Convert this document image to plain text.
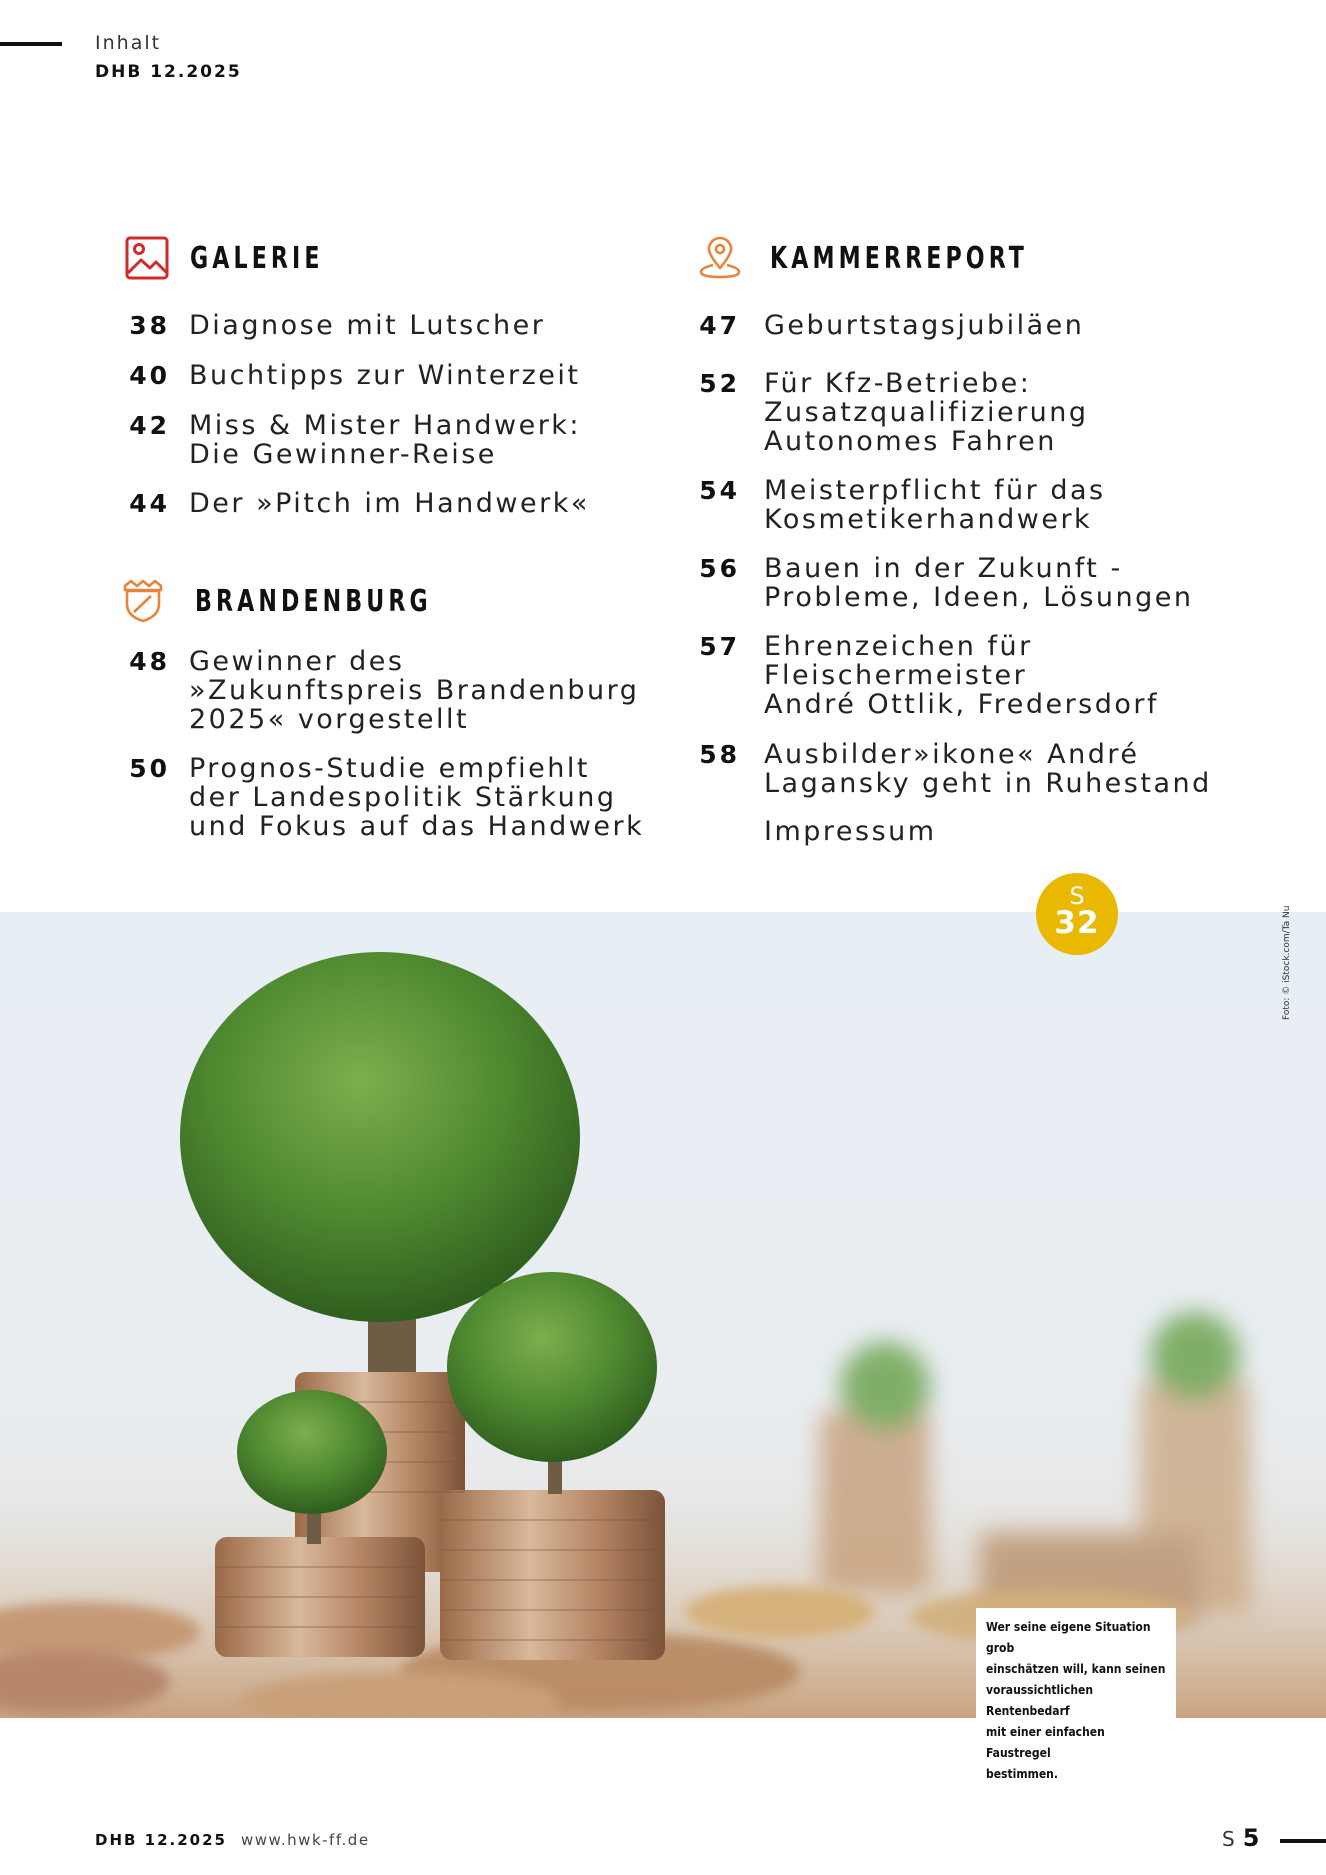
Inhalt
DHB 12.2025
GALERIE
38 Diagnose mit Lutscher
40 Buchtipps zur Winterzeit
42 Miss & Mister Handwerk:
Die Gewinner-Reise
44 Der »Pitch im Handwerk«
BRANDENBURG
48 Gewinner des
»Zukunftspreis Brandenburg
2025« vorgestellt
50 Prognos-Studie empfiehlt
der Landespolitik Stärkung
und Fokus auf das Handwerk
KAMMERREPORT
47 Geburtstagsjubiläen
52 Für Kfz-Betriebe:
Zusatzqualifizierung
Autonomes Fahren
54 Meisterpflicht für das
Kosmetikerhandwerk
56 Bauen in der Zukunft -
Probleme, Ideen, Lösungen
57 Ehrenzeichen für
Fleischermeister
André Ottlik, Fredersdorf
58 Ausbilder»ikone« André
Lagansky geht in Ruhestand
Impressum
S
32	Foto: © iStock.com/Ta Nu
Wer seine eigene Situation grob
einschätzen will, kann seinen
voraussichtlichen Rentenbedarf
mit einer einfachen Faustregel
bestimmen.
DHB 12.2025 www.hwk-ff.de	S 5
